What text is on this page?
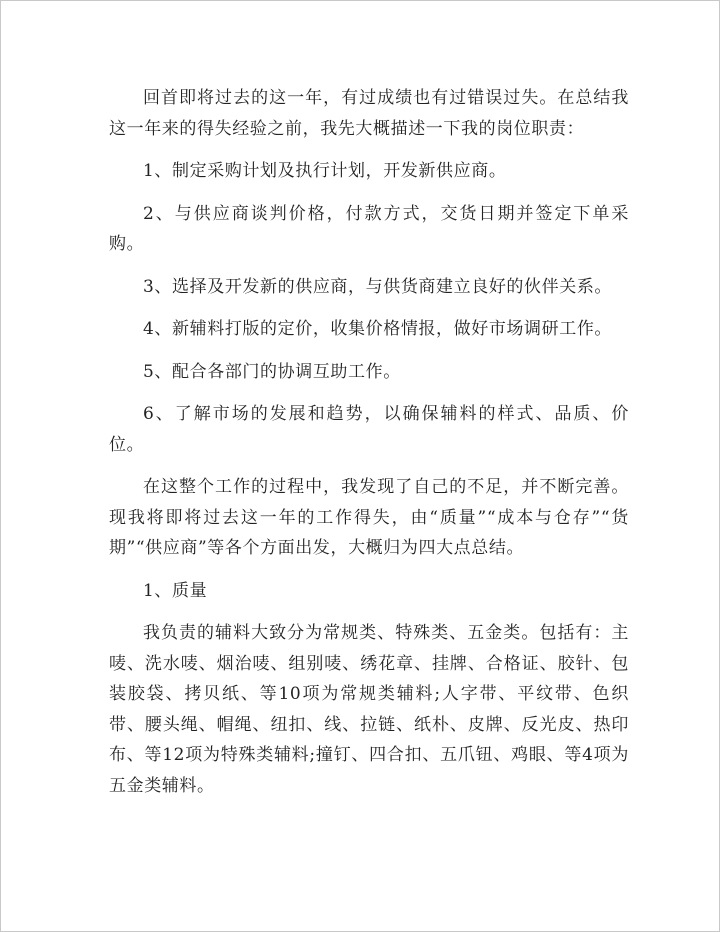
回首即将过去的这一年，有过成绩也有过错误过失。在总结我这一年来的得失经验之前，我先大概描述一下我的岗位职责：

1、制定采购计划及执行计划，开发新供应商。

2、与供应商谈判价格，付款方式，交货日期并签定下单采购。

3、选择及开发新的供应商，与供货商建立良好的伙伴关系。

4、新辅料打版的定价，收集价格情报，做好市场调研工作。

5、配合各部门的协调互助工作。

6、了解市场的发展和趋势，以确保辅料的样式、品质、价位。

在这整个工作的过程中，我发现了自己的不足，并不断完善。现我将即将过去这一年的工作得失，由“质量”“成本与仓存”“货期”“供应商”等各个方面出发，大概归为四大点总结。

1、质量

我负责的辅料大致分为常规类、特殊类、五金类。包括有：主唛、洗水唛、烟治唛、组别唛、绣花章、挂牌、合格证、胶针、包装胶袋、拷贝纸、等10项为常规类辅料;人字带、平纹带、色织带、腰头绳、帽绳、纽扣、线、拉链、纸朴、皮牌、反光皮、热印布、等12项为特殊类辅料;撞钉、四合扣、五爪钮、鸡眼、等4项为五金类辅料。
